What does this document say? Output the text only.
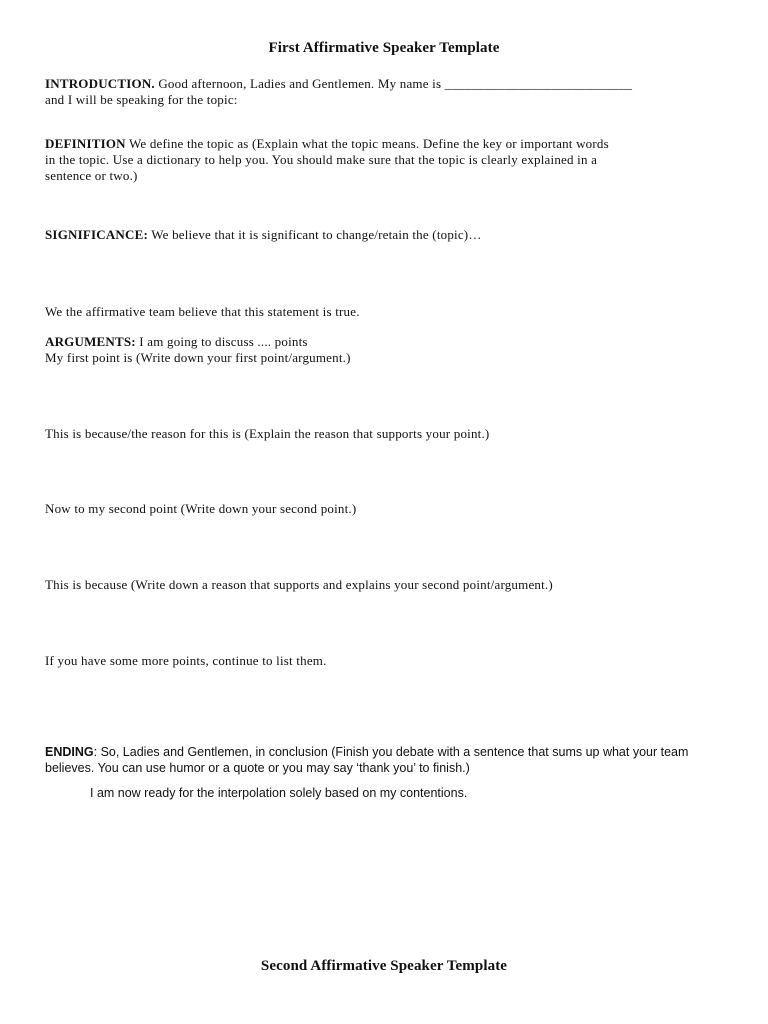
First Affirmative Speaker Template
INTRODUCTION. Good afternoon, Ladies and Gentlemen. My name is ____________________________
and I will be speaking for the topic:
DEFINITION We define the topic as (Explain what the topic means. Define the key or important words
in the topic. Use a dictionary to help you. You should make sure that the topic is clearly explained in a
sentence or two.)
SIGNIFICANCE: We believe that it is significant to change/retain the (topic)…
We the affirmative team believe that this statement is true.
ARGUMENTS: I am going to discuss .... points
My first point is (Write down your first point/argument.)
This is because/the reason for this is (Explain the reason that supports your point.)
Now to my second point (Write down your second point.)
This is because (Write down a reason that supports and explains your second point/argument.)
If you have some more points, continue to list them.
ENDING: So, Ladies and Gentlemen, in conclusion (Finish you debate with a sentence that sums up what your team
believes. You can use humor or a quote or you may say ‘thank you’ to finish.)
I am now ready for the interpolation solely based on my contentions.
Second Affirmative Speaker Template
